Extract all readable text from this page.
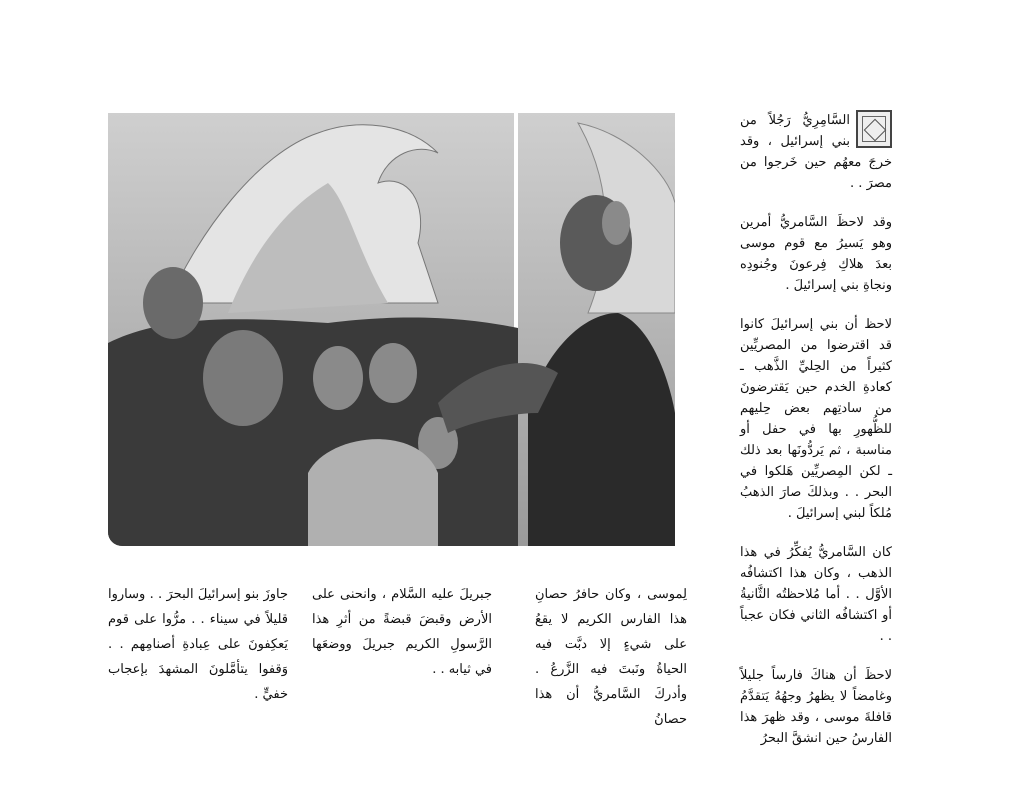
السَّامِرِيُّ رَجُلاً من بني إسرائيل ، وقد خرجَ معهُم حين خَرجوا من مصرَ . .

وقد لاحظَ السَّامريُّ أمرين وهو يَسيرُ مع قوم موسى بعدَ هلاكِ فِرعونَ وجُنودِه ونجاةِ بني إسرائيلَ .

لاحظ أن بني إسرائيلَ كانوا قد اقترضوا من المصريِّين كثيراً من الحِليِّ الذَّهب ـ كعادةِ الخدم حين يَقترضونَ من سادتِهم بعض حِليهم للظُّهورِ بها في حفل أو مناسبة ، ثم يَردُّونَها بعد ذلك ـ لكن المِصريِّين هَلكوا في البحر . . وبذلكَ صارَ الذهبُ مُلكاً لبني إسرائيلَ .

كان السَّامريُّ يُفكِّرُ في هذا الذهب ، وكان هذا اكتشافُه الأوَّل . . أما مُلاحظتُه الثَّانيةُ أو اكتشافُه الثاني فكان عجباً . .

لاحظَ أن هناكَ فارساً جليلاً وغامضاً لا يظهرُ وجهُهُ يَتقدَّمُ قافلةَ موسى ، وقد ظهرَ هذا الفارسُ حين انشقَّ البحرُ

لِموسى ، وكان حافرُ حصانِ هذا الفارس الكريم لا يقعُ على شيءٍ إلا دبَّت فيه الحياةُ ونَبتَ فيه الزَّرعُ . وأدركَ السَّامريُّ أن هذا حصانُ
جبريلَ عليه السَّلام ، وانحنى على الأرض وقبضَ قبضةً من أثرِ هذا الرَّسولِ الكريم جبريلَ ووضعَها في ثيابه . .
جاوزَ بنو إسرائيلَ البحرَ . . وساروا قليلاً في سيناء . . مرُّوا على قوم يَعكِفونَ على عِبادةِ أصنامِهم . . وَقفوا يتأمَّلونَ المشهدَ بإعجاب خفيٍّ .
